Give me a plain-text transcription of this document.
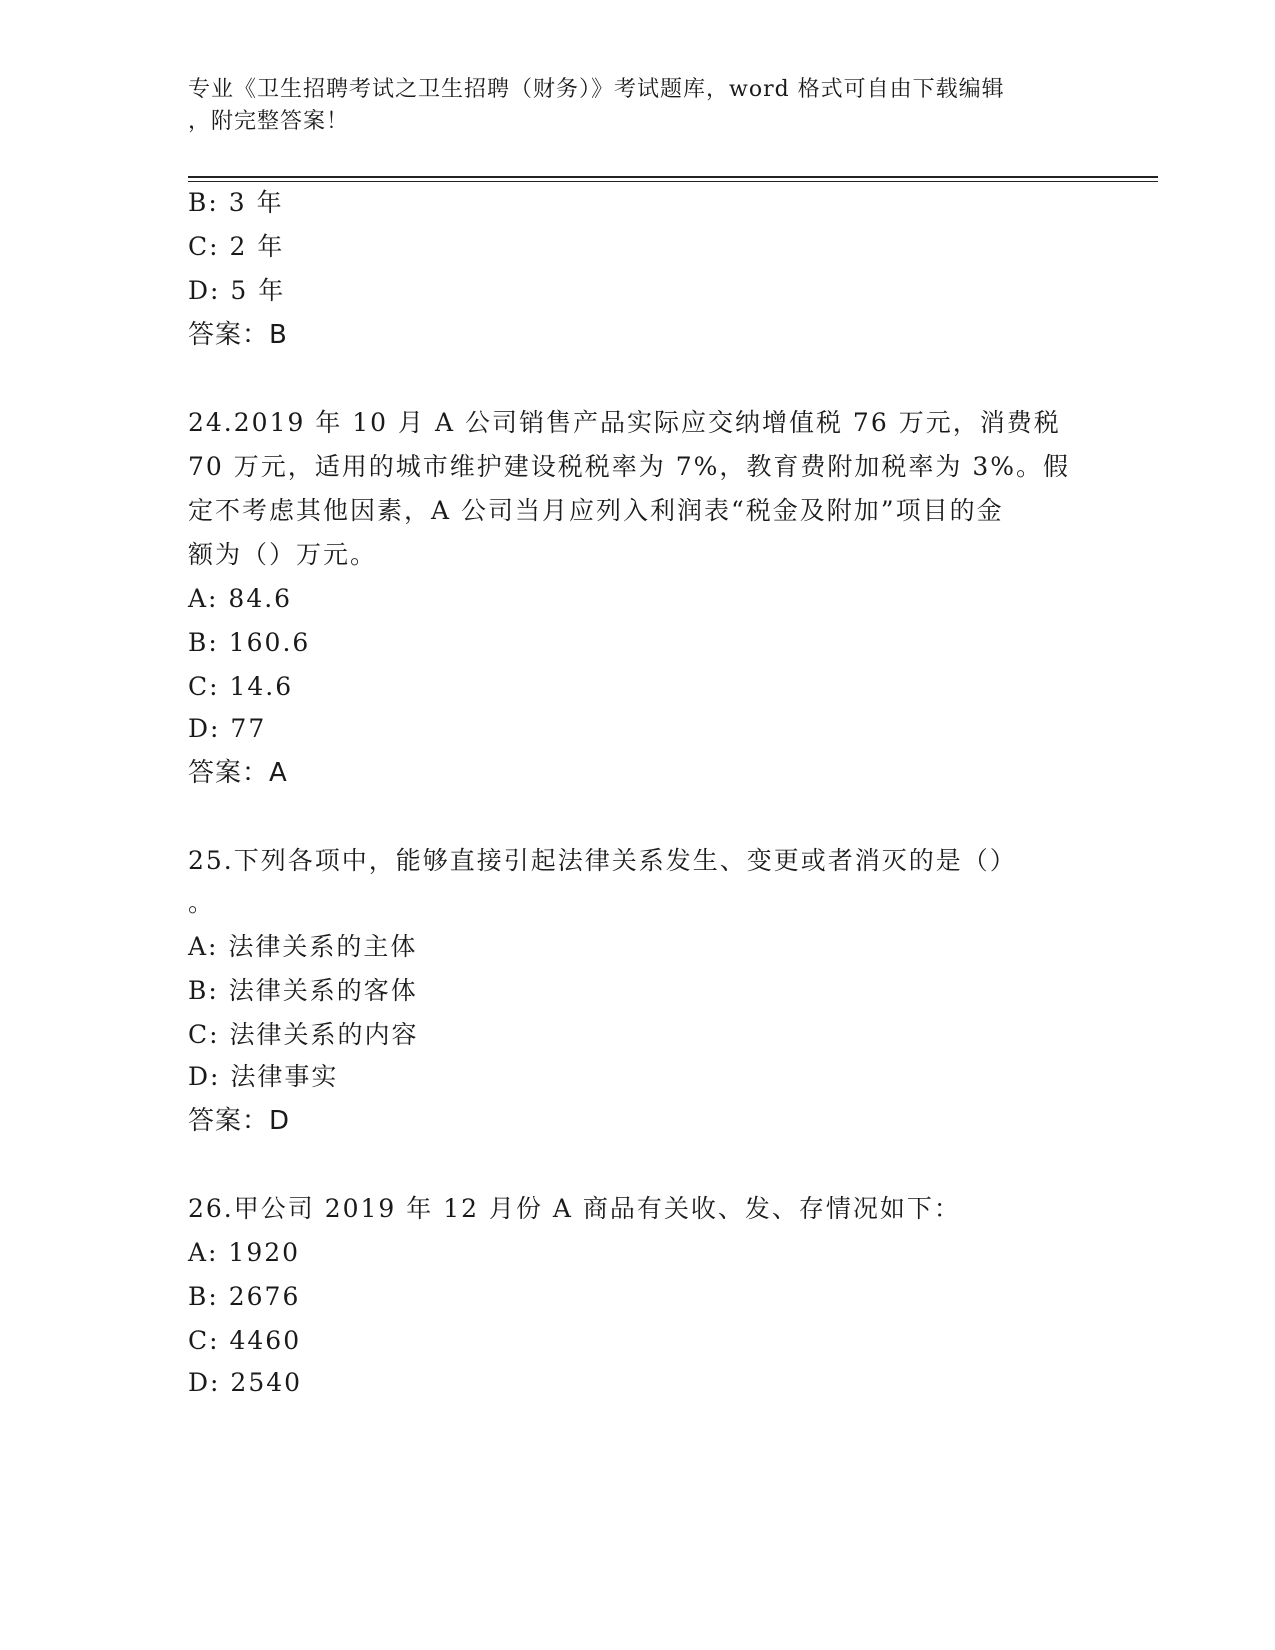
专业《卫生招聘考试之卫生招聘（财务）》考试题库，word 格式可自由下载编辑
，附完整答案！
B: 3 年
C: 2 年
D: 5 年
答案：B
24.2019 年 10 月 A 公司销售产品实际应交纳增值税 76 万元，消费税
70 万元，适用的城市维护建设税税率为 7%，教育费附加税率为 3%。假
定不考虑其他因素，A 公司当月应列入利润表“税金及附加”项目的金
额为（）万元。
A: 84.6
B: 160.6
C: 14.6
D: 77
答案：A
25.下列各项中，能够直接引起法律关系发生、变更或者消灭的是（）
。
A: 法律关系的主体
B: 法律关系的客体
C: 法律关系的内容
D: 法律事实
答案：D
26.甲公司 2019 年 12 月份 A 商品有关收、发、存情况如下：
A: 1920
B: 2676
C: 4460
D: 2540
